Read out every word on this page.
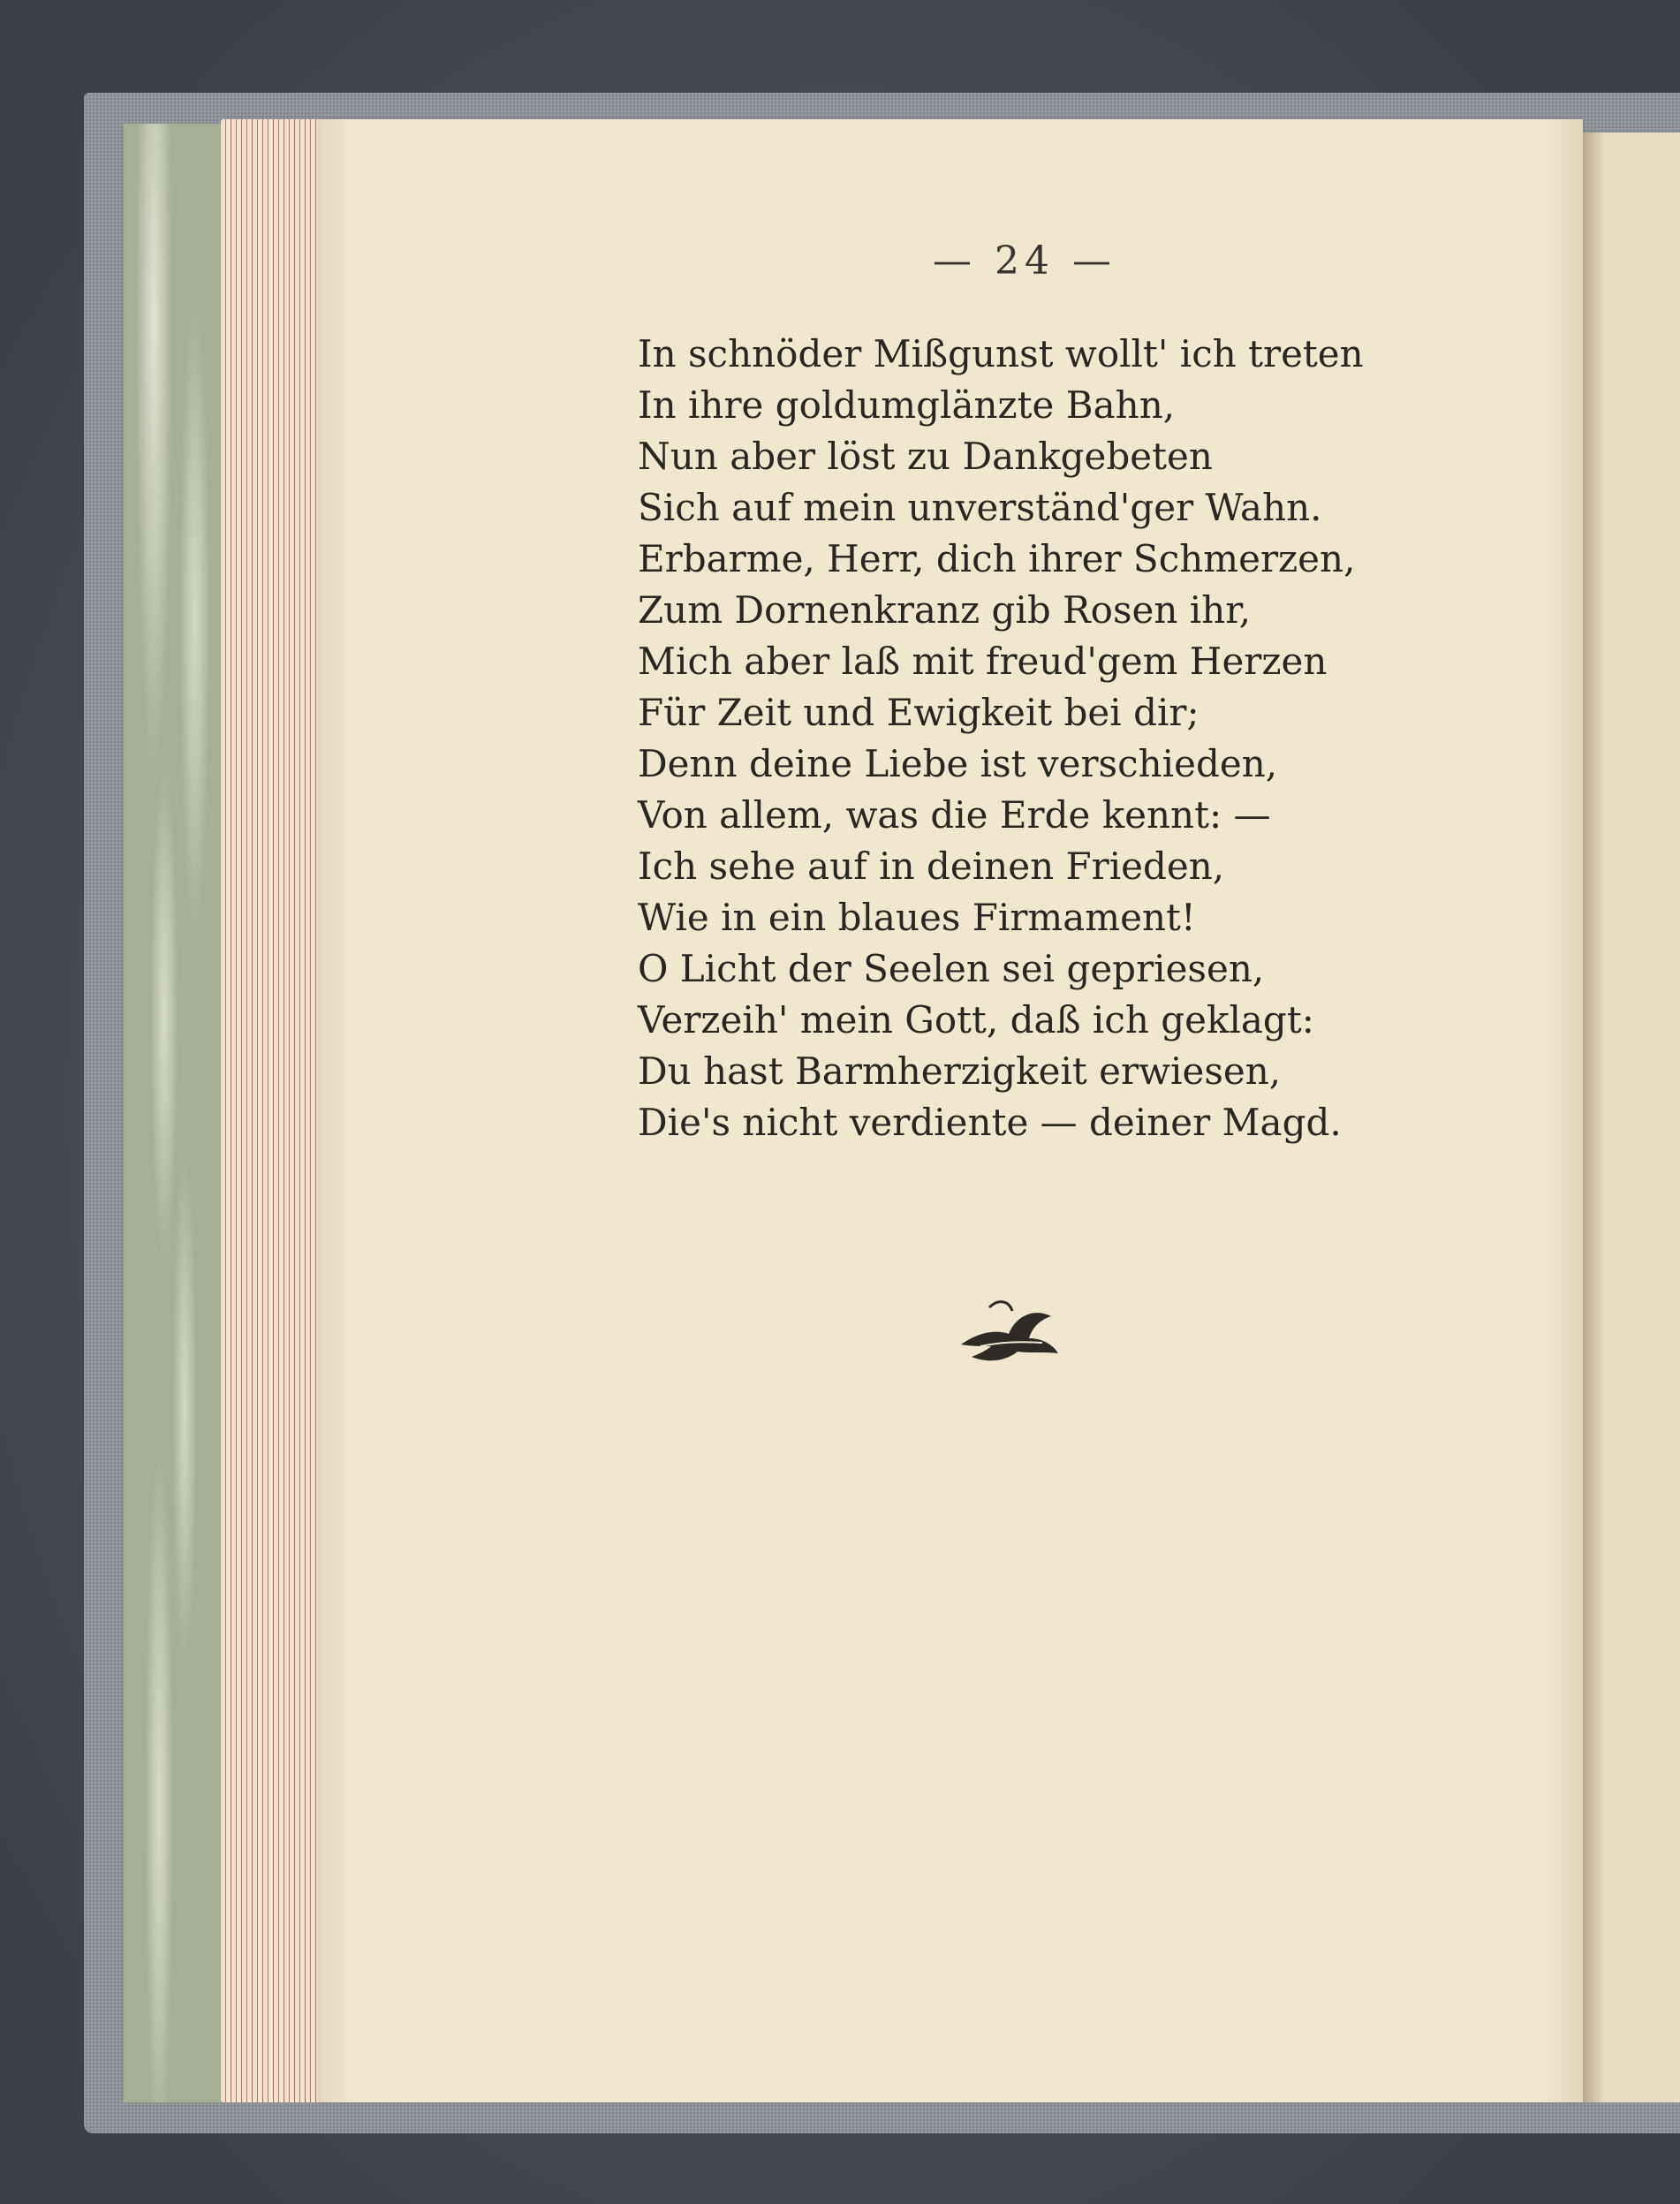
— 24 —
In schnöder Mißgunst wollt' ich treten
In ihre goldumglänzte Bahn,
Nun aber löst zu Dankgebeten
Sich auf mein unverständ'ger Wahn.
Erbarme, Herr, dich ihrer Schmerzen,
Zum Dornenkranz gib Rosen ihr,
Mich aber laß mit freud'gem Herzen
Für Zeit und Ewigkeit bei dir;
Denn deine Liebe ist verschieden,
Von allem, was die Erde kennt: —
Ich sehe auf in deinen Frieden,
Wie in ein blaues Firmament!
O Licht der Seelen sei gepriesen,
Verzeih' mein Gott, daß ich geklagt:
Du hast Barmherzigkeit erwiesen,
Die's nicht verdiente — deiner Magd.
